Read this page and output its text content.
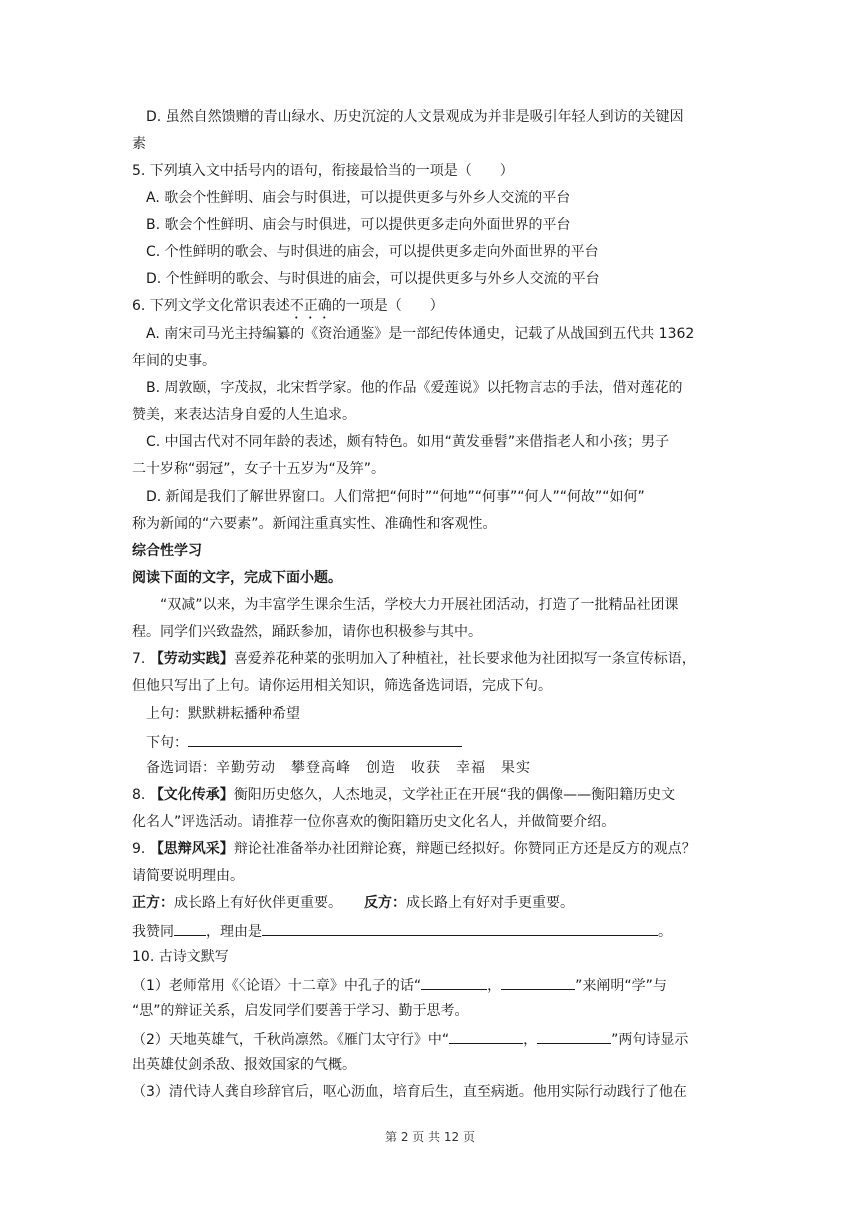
D. 虽然自然馈赠的青山绿水、历史沉淀的人文景观成为并非是吸引年轻人到访的关键因
素
5. 下列填入文中括号内的语句，衔接最恰当的一项是（　　）
A. 歌会个性鲜明、庙会与时俱进，可以提供更多与外乡人交流的平台
B. 歌会个性鲜明、庙会与时俱进，可以提供更多走向外面世界的平台
C. 个性鲜明的歌会、与时俱进的庙会，可以提供更多走向外面世界的平台
D. 个性鲜明的歌会、与时俱进的庙会，可以提供更多与外乡人交流的平台
6. 下列文学文化常识表述不正确的一项是（　　）
A. 南宋司马光主持编纂的《资治通鉴》是一部纪传体通史，记载了从战国到五代共 1362
年间的史事。
B. 周敦颐，字茂叔，北宋哲学家。他的作品《爱莲说》以托物言志的手法，借对莲花的
赞美，来表达洁身自爱的人生追求。
C. 中国古代对不同年龄的表述，颇有特色。如用“黄发垂髫”来借指老人和小孩；男子
二十岁称“弱冠”，女子十五岁为“及笄”。
D. 新闻是我们了解世界窗口。人们常把“何时”“何地”“何事”“何人”“何故”“如何”
称为新闻的“六要素”。新闻注重真实性、准确性和客观性。
综合性学习
阅读下面的文字，完成下面小题。
“双减”以来，为丰富学生课余生活，学校大力开展社团活动，打造了一批精品社团课
程。同学们兴致盎然，踊跃参加，请你也积极参与其中。
7. 【劳动实践】喜爱养花种菜的张明加入了种植社，社长要求他为社团拟写一条宣传标语，
但他只写出了上句。请你运用相关知识，筛选备选词语，完成下句。
上句：默默耕耘播种希望
下句：
备选词语：辛勤劳动　攀登高峰　创造　收获　幸福　果实
8. 【文化传承】衡阳历史悠久，人杰地灵，文学社正在开展“我的偶像——衡阳籍历史文
化名人”评选活动。请推荐一位你喜欢的衡阳籍历史文化名人，并做简要介绍。
9. 【思辩风采】辩论社准备举办社团辩论赛，辩题已经拟好。你赞同正方还是反方的观点？
请简要说明理由。
正方：成长路上有好伙伴更重要。 反方：成长路上有好对手更重要。
我赞同 ，理由是	。
10. 古诗文默写
（1）老师常用《〈论语〉十二章》中孔子的话“	，	”来阐明“学”与
“思”的辩证关系，启发同学们要善于学习、勤于思考。
（2）天地英雄气，千秋尚凛然。《雁门太守行》中“	，	”两句诗显示
出英雄仗剑杀敌、报效国家的气概。
（3）清代诗人龚自珍辞官后，呕心沥血，培育后生，直至病逝。他用实际行动践行了他在
第 2 页 共 12 页
